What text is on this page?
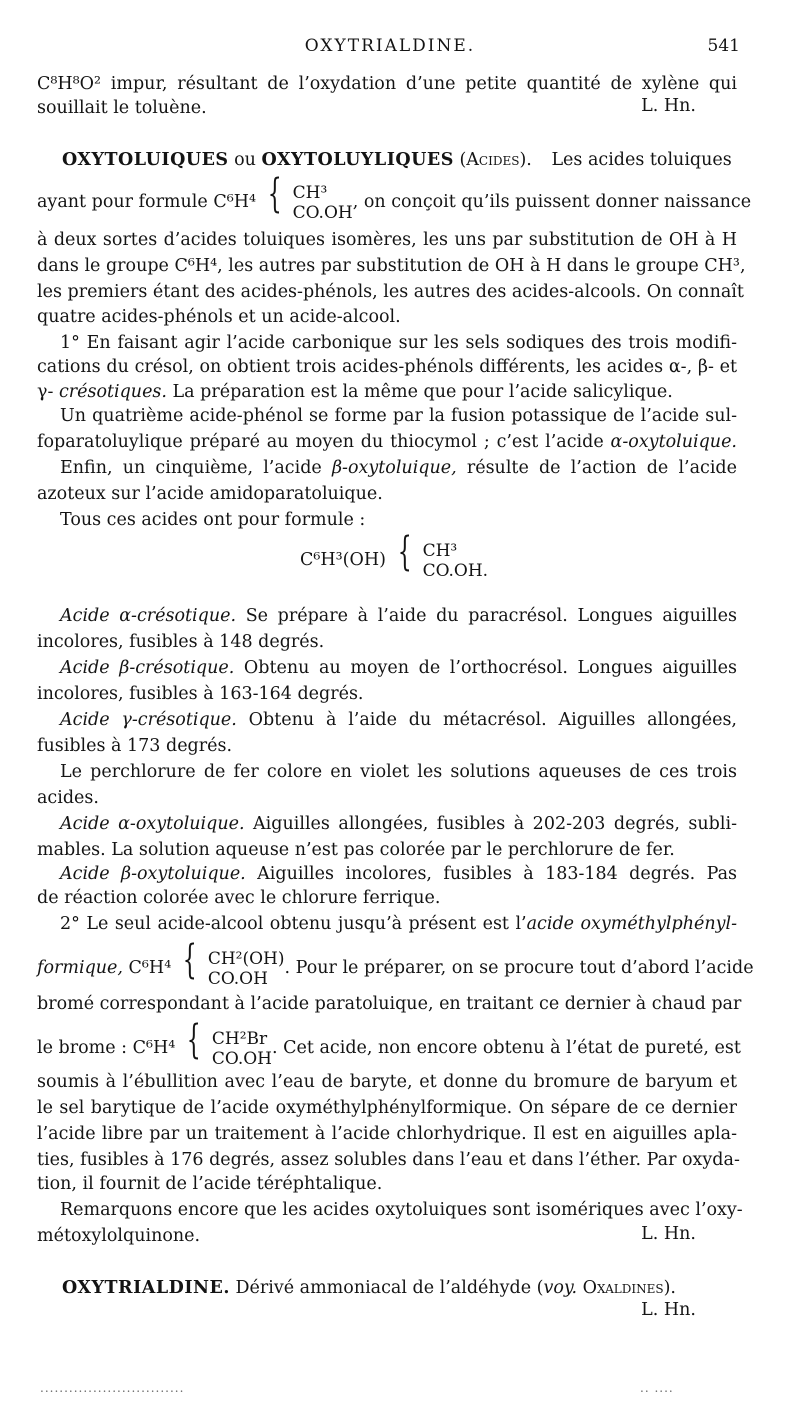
OXYTRIALDINE.	541
C⁸H⁸O² impur, résultant de l’oxydation d’une petite quantité de xylène qui
souillait le toluène.	L. Hn.
OXYTOLUIQUES ou OXYTOLUYLIQUES (Acides). Les acides toluiques
ayant pour formule C⁶H⁴ { CH³
CO.OH
, on conçoit qu’ils puissent donner naissance
à deux sortes d’acides toluiques isomères, les uns par substitution de OH à H
dans le groupe C⁶H⁴, les autres par substitution de OH à H dans le groupe CH³,
les premiers étant des acides-phénols, les autres des acides-alcools. On connaît
quatre acides-phénols et un acide-alcool.
1° En faisant agir l’acide carbonique sur les sels sodiques des trois modifi-
cations du crésol, on obtient trois acides-phénols différents, les acides α-, β- et
γ- crésotiques. La préparation est la même que pour l’acide salicylique.
Un quatrième acide-phénol se forme par la fusion potassique de l’acide sul-
foparatoluylique préparé au moyen du thiocymol ; c’est l’acide α-oxytoluique.
Enfin, un cinquième, l’acide β-oxytoluique, résulte de l’action de l’acide
azoteux sur l’acide amidoparatoluique.
Tous ces acides ont pour formule :
C⁶H³(OH) { CH³
CO.OH.
Acide α-crésotique. Se prépare à l’aide du paracrésol. Longues aiguilles
incolores, fusibles à 148 degrés.
Acide β-crésotique. Obtenu au moyen de l’orthocrésol. Longues aiguilles
incolores, fusibles à 163-164 degrés.
Acide γ-crésotique. Obtenu à l’aide du métacrésol. Aiguilles allongées,
fusibles à 173 degrés.
Le perchlorure de fer colore en violet les solutions aqueuses de ces trois
acides.
Acide α-oxytoluique. Aiguilles allongées, fusibles à 202-203 degrés, subli-
mables. La solution aqueuse n’est pas colorée par le perchlorure de fer.
Acide β-oxytoluique. Aiguilles incolores, fusibles à 183-184 degrés. Pas
de réaction colorée avec le chlorure ferrique.
2° Le seul acide-alcool obtenu jusqu’à présent est l’acide oxyméthylphényl-
formique, C⁶H⁴ { CH²(OH)
CO.OH
. Pour le préparer, on se procure tout d’abord l’acide
bromé correspondant à l’acide paratoluique, en traitant ce dernier à chaud par
le brome : C⁶H⁴ { CH²Br
CO.OH
. Cet acide, non encore obtenu à l’état de pureté, est
soumis à l’ébullition avec l’eau de baryte, et donne du bromure de baryum et
le sel barytique de l’acide oxyméthylphénylformique. On sépare de ce dernier
l’acide libre par un traitement à l’acide chlorhydrique. Il est en aiguilles apla-
ties, fusibles à 176 degrés, assez solubles dans l’eau et dans l’éther. Par oxyda-
tion, il fournit de l’acide téréphtalique.
Remarquons encore que les acides oxytoluiques sont isomériques avec l’oxy-
métoxylolquinone.	L. Hn.
OXYTRIALDINE. Dérivé ammoniacal de l’aldéhyde (voy. Oxaldines).
L. Hn.
..............................	.. ....
